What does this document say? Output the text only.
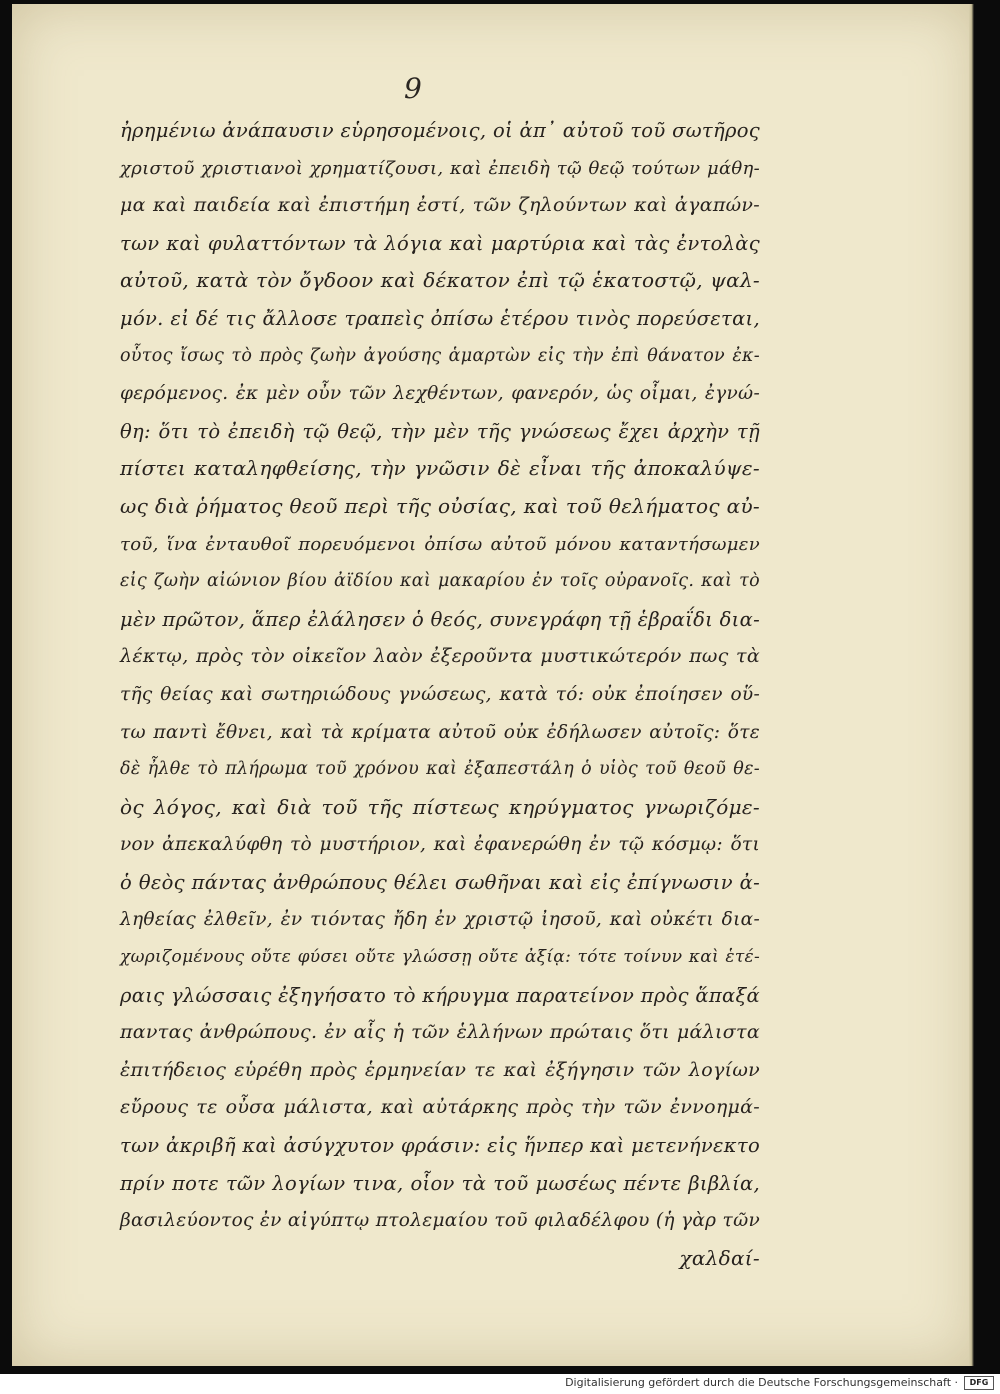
9
ἠρημένιω ἀνάπαυσιν εὑρησομένοις, οἱ ἀπ᾽ αὐτοῦ τοῦ σωτῆρος
χριστοῦ χριστιανοὶ χρηματίζουσι, καὶ ἐπειδὴ τῷ θεῷ τούτων μάθη-
μα καὶ παιδεία καὶ ἐπιστήμη ἐστί, τῶν ζηλούντων καὶ ἀγαπών-
των καὶ φυλαττόντων τὰ λόγια καὶ μαρτύρια καὶ τὰς ἐντολὰς
αὐτοῦ, κατὰ τὸν ὄγδοον καὶ δέκατον ἐπὶ τῷ ἑκατοστῷ, ψαλ-
μόν. εἰ δέ τις ἄλλοσε τραπεὶς ὀπίσω ἑτέρου τινὸς πορεύσεται,
οὗτος ἴσως τὸ πρὸς ζωὴν ἀγούσης ἁμαρτὼν εἰς τὴν ἐπὶ θάνατον ἐκ-
φερόμενος. ἐκ μὲν οὖν τῶν λεχθέντων, φανερόν, ὡς οἶμαι, ἐγνώ-
θη: ὅτι τὸ ἐπειδὴ τῷ θεῷ, τὴν μὲν τῆς γνώσεως ἔχει ἀρχὴν τῇ
πίστει καταληφθείσης, τὴν γνῶσιν δὲ εἶναι τῆς ἀποκαλύψε-
ως διὰ ῥήματος θεοῦ περὶ τῆς οὐσίας, καὶ τοῦ θελήματος αὐ-
τοῦ, ἵνα ἐνταυθοῖ πορευόμενοι ὀπίσω αὐτοῦ μόνου καταντήσωμεν
εἰς ζωὴν αἰώνιον βίου ἀϊδίου καὶ μακαρίου ἐν τοῖς οὐρανοῖς. καὶ τὸ
μὲν πρῶτον, ἅπερ ἐλάλησεν ὁ θεός, συνεγράφη τῇ ἑβραΐδι δια-
λέκτῳ, πρὸς τὸν οἰκεῖον λαὸν ἐξεροῦντα μυστικώτερόν πως τὰ
τῆς θείας καὶ σωτηριώδους γνώσεως, κατὰ τό: οὐκ ἐποίησεν οὕ-
τω παντὶ ἔθνει, καὶ τὰ κρίματα αὐτοῦ οὐκ ἐδήλωσεν αὐτοῖς: ὅτε
δὲ ἦλθε τὸ πλήρωμα τοῦ χρόνου καὶ ἐξαπεστάλη ὁ υἱὸς τοῦ θεοῦ θε-
ὸς λόγος, καὶ διὰ τοῦ τῆς πίστεως κηρύγματος γνωριζόμε-
νον ἀπεκαλύφθη τὸ μυστήριον, καὶ ἐφανερώθη ἐν τῷ κόσμῳ: ὅτι
ὁ θεὸς πάντας ἀνθρώπους θέλει σωθῆναι καὶ εἰς ἐπίγνωσιν ἀ-
ληθείας ἐλθεῖν, ἐν τιόντας ἤδη ἐν χριστῷ ἰησοῦ, καὶ οὐκέτι δια-
χωριζομένους οὔτε φύσει οὔτε γλώσσῃ οὔτε ἀξίᾳ: τότε τοίνυν καὶ ἑτέ-
ραις γλώσσαις ἐξηγήσατο τὸ κήρυγμα παρατείνον πρὸς ἅπαξά
παντας ἀνθρώπους. ἐν αἷς ἡ τῶν ἑλλήνων πρώταις ὅτι μάλιστα
ἐπιτήδειος εὑρέθη πρὸς ἑρμηνείαν τε καὶ ἐξήγησιν τῶν λογίων
εὔρους τε οὖσα μάλιστα, καὶ αὐτάρκης πρὸς τὴν τῶν ἐννοημά-
των ἀκριβῆ καὶ ἀσύγχυτον φράσιν: εἰς ἥνπερ καὶ μετενήνεκτο
πρίν ποτε τῶν λογίων τινα, οἷον τὰ τοῦ μωσέως πέντε βιβλία,
βασιλεύοντος ἐν αἰγύπτῳ πτολεμαίου τοῦ φιλαδέλφου (ἡ γὰρ τῶν
χαλδαί-
Digitalisierung gefördert durch die Deutsche Forschungsgemeinschaft ·	DFG
